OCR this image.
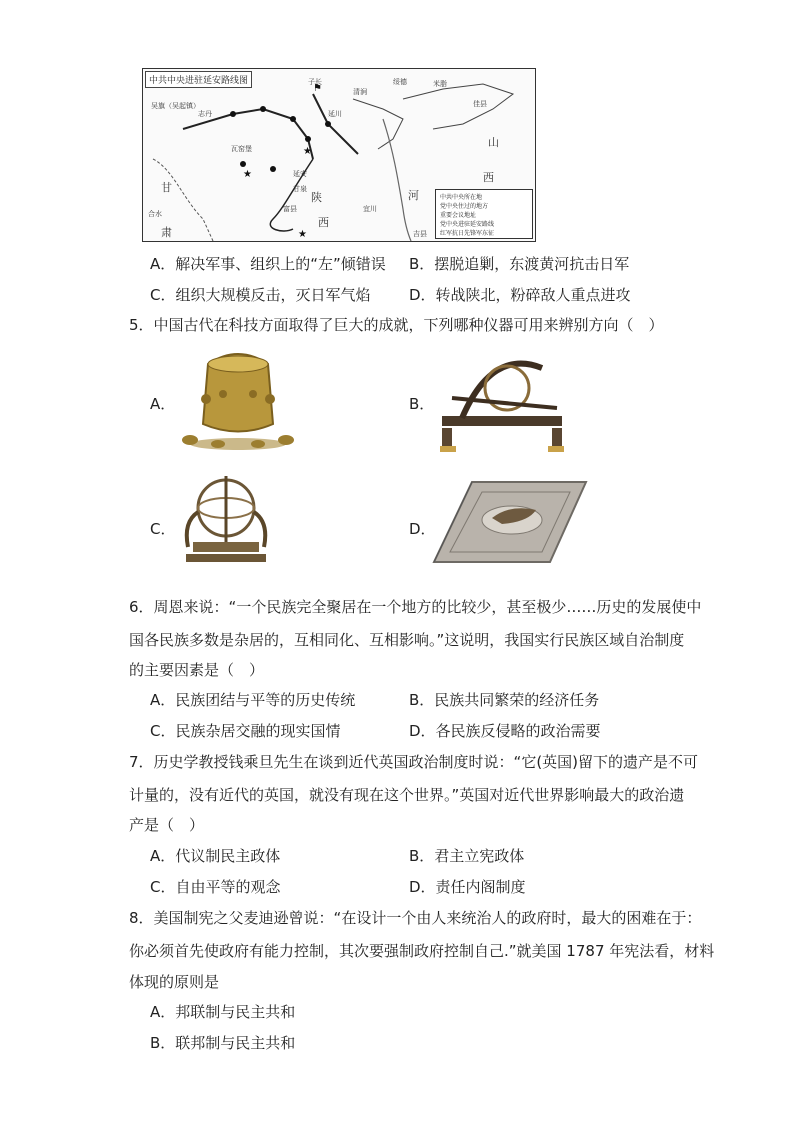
★
⚑
★
★
中共中央进驻延安路线图
吴旗（吴起镇）
志丹
子长
延安
甘泉
富县	宜川
吉县
瓦窑堡
延川
清涧
绥德	米脂
佳县
合水
甘
肃
陕
西
山
西
河	中共中央所在地
党中央住过的地方
重要会议地址
党中央进驻延安路线
红军抗日先锋军东征
A．解决军事、组织上的“左”倾错误 B．摆脱追剿，东渡黄河抗击日军
C．组织大规模反击，灭日军气焰	D．转战陕北，粉碎敌人重点进攻
5．中国古代在科技方面取得了巨大的成就，下列哪种仪器可用来辨别方向（　）
A．	B．
C．	D．
6．周恩来说：“一个民族完全聚居在一个地方的比较少，甚至极少……历史的发展使中
国各民族多数是杂居的，互相同化、互相影响。”这说明，我国实行民族区域自治制度
的主要因素是（　）
A．民族团结与平等的历史传统	B．民族共同繁荣的经济任务
C．民族杂居交融的现实国情	D．各民族反侵略的政治需要
7．历史学教授钱乘旦先生在谈到近代英国政治制度时说：“它(英国)留下的遗产是不可
计量的，没有近代的英国，就没有现在这个世界。”英国对近代世界影响最大的政治遗
产是（　）
A．代议制民主政体	B．君主立宪政体
C．自由平等的观念	D．责任内阁制度
8．美国制宪之父麦迪逊曾说：“在设计一个由人来统治人的政府时，最大的困难在于：
你必须首先使政府有能力控制，其次要强制政府控制自己.”就美国 1787 年宪法看，材料
体现的原则是
A．邦联制与民主共和
B．联邦制与民主共和
